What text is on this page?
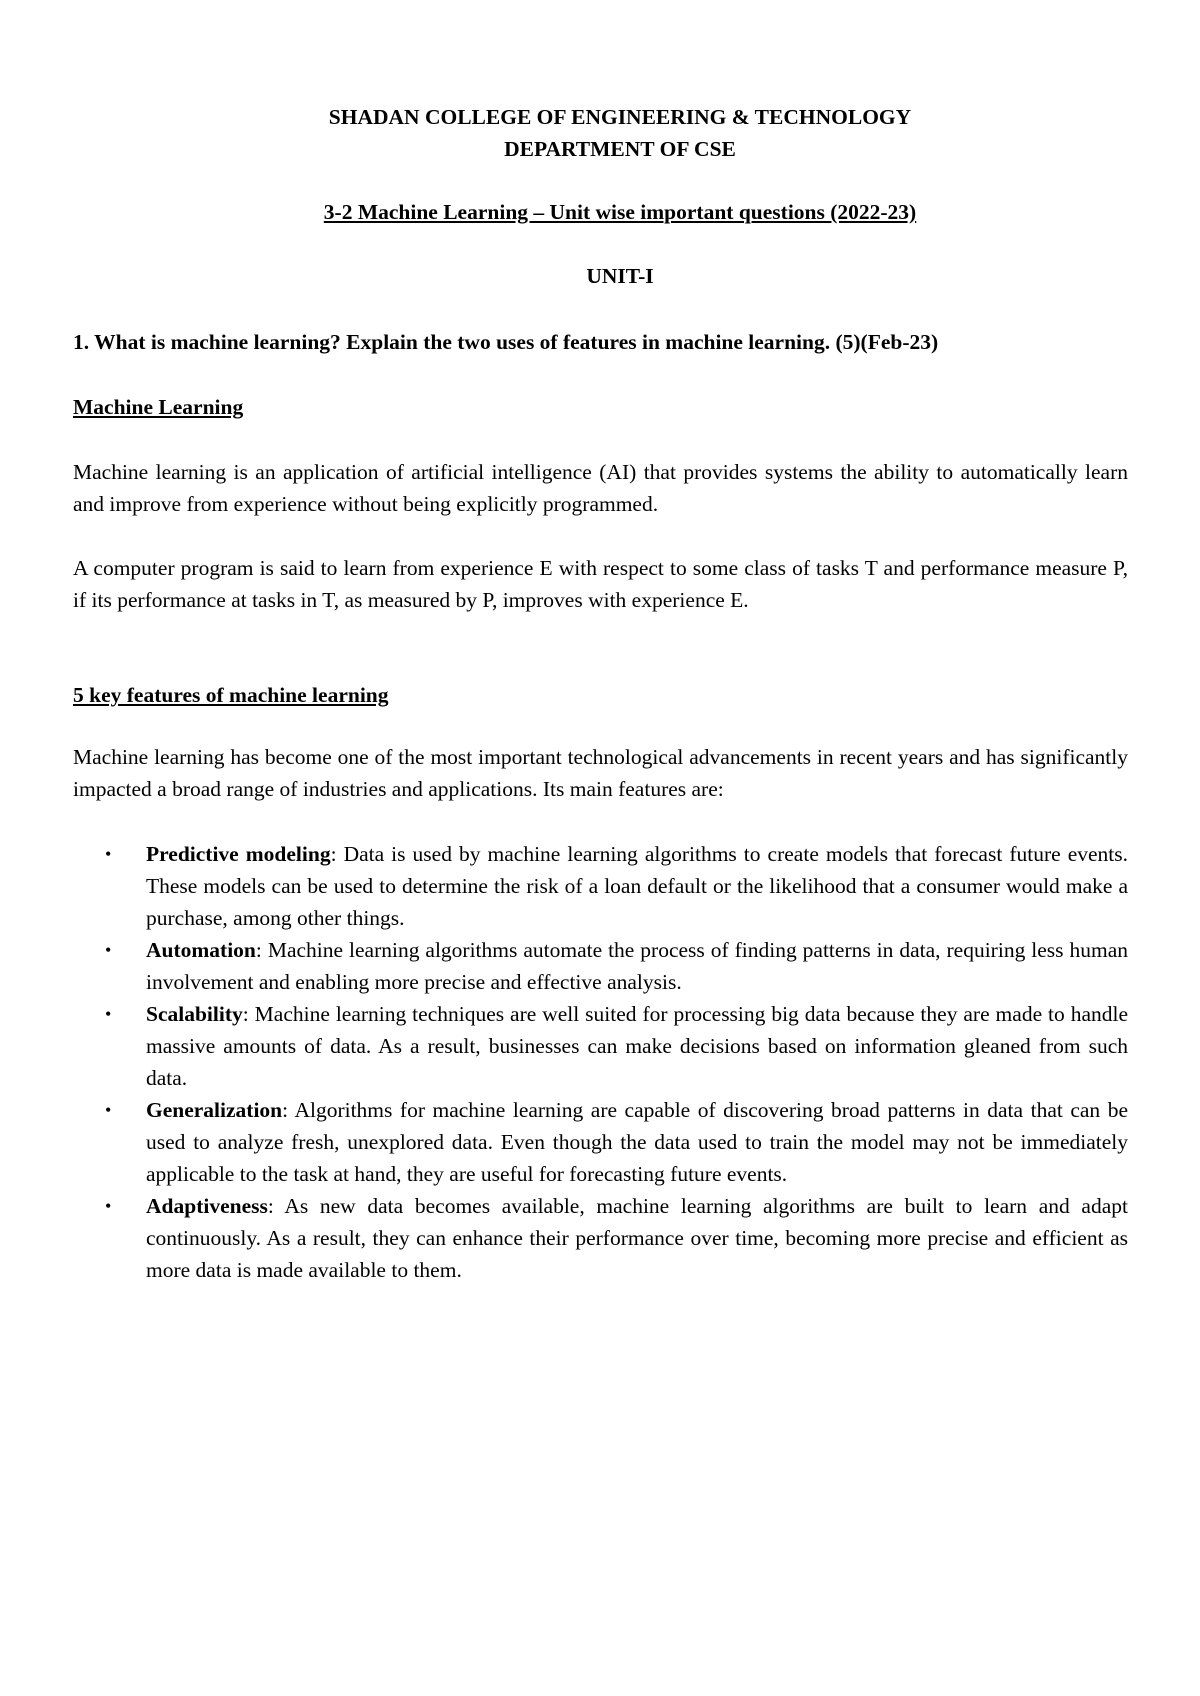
SHADAN COLLEGE OF ENGINEERING & TECHNOLOGY
DEPARTMENT OF CSE
3-2 Machine Learning – Unit wise important questions (2022-23)
UNIT-I
1. What is machine learning? Explain the two uses of features in machine learning. (5)(Feb-23)
Machine Learning
Machine learning is an application of artificial intelligence (AI) that provides systems the ability to automatically learn and improve from experience without being explicitly programmed.
A computer program is said to learn from experience E with respect to some class of tasks T and performance measure P, if its performance at tasks in T, as measured by P, improves with experience E.
5 key features of machine learning
Machine learning has become one of the most important technological advancements in recent years and has significantly impacted a broad range of industries and applications. Its main features are:
• Predictive modeling: Data is used by machine learning algorithms to create models that forecast future events. These models can be used to determine the risk of a loan default or the likelihood that a consumer would make a purchase, among other things.
• Automation: Machine learning algorithms automate the process of finding patterns in data, requiring less human involvement and enabling more precise and effective analysis.
• Scalability: Machine learning techniques are well suited for processing big data because they are made to handle massive amounts of data. As a result, businesses can make decisions based on information gleaned from such data.
• Generalization: Algorithms for machine learning are capable of discovering broad patterns in data that can be used to analyze fresh, unexplored data. Even though the data used to train the model may not be immediately applicable to the task at hand, they are useful for forecasting future events.
• Adaptiveness: As new data becomes available, machine learning algorithms are built to learn and adapt continuously. As a result, they can enhance their performance over time, becoming more precise and efficient as more data is made available to them.
